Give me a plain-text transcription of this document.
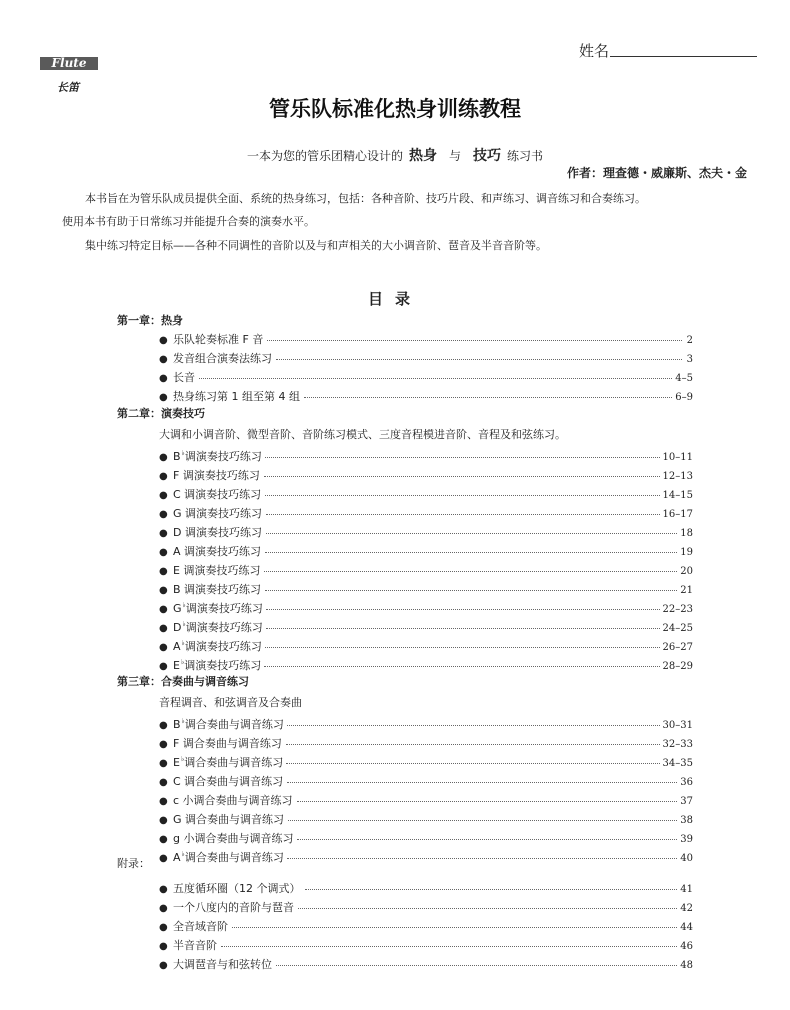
姓名
Flute
长笛
管乐队标准化热身训练教程
一本为您的管乐团精心设计的 热身 与 技巧 练习书
作者：理查德・威廉斯、杰夫・金
本书旨在为管乐队成员提供全面、系统的热身练习，包括：各种音阶、技巧片段、和声练习、调音练习和合奏练习。
使用本书有助于日常练习并能提升合奏的演奏水平。
集中练习特定目标——各种不同调性的音阶以及与和声相关的大小调音阶、琶音及半音音阶等。
目录
第一章：热身
● 乐队轮奏标准 F 音	2
● 发音组合演奏法练习	3
● 长音	4–5
● 热身练习第 1 组至第 4 组	6–9
第二章：演奏技巧
大调和小调音阶、微型音阶、音阶练习模式、三度音程模进音阶、音程及和弦练习。
● B♭调演奏技巧练习	10–11
● F 调演奏技巧练习	12–13
● C 调演奏技巧练习	14–15
● G 调演奏技巧练习	16–17
● D 调演奏技巧练习	18
● A 调演奏技巧练习	19
● E 调演奏技巧练习	20
● B 调演奏技巧练习	21
● G♭调演奏技巧练习	22–23
● D♭调演奏技巧练习	24–25
● A♭调演奏技巧练习	26–27
● E♭调演奏技巧练习	28–29
第三章：合奏曲与调音练习
音程调音、和弦调音及合奏曲
● B♭调合奏曲与调音练习	30–31
● F 调合奏曲与调音练习	32–33
● E♭调合奏曲与调音练习	34–35
● C 调合奏曲与调音练习	36
● c 小调合奏曲与调音练习	37
● G 调合奏曲与调音练习	38
● g 小调合奏曲与调音练习	39
● A♭调合奏曲与调音练习	40
附录：
● 五度循环圈（12 个调式）	41
● 一个八度内的音阶与琶音	42
● 全音域音阶	44
● 半音音阶	46
● 大调琶音与和弦转位	48
